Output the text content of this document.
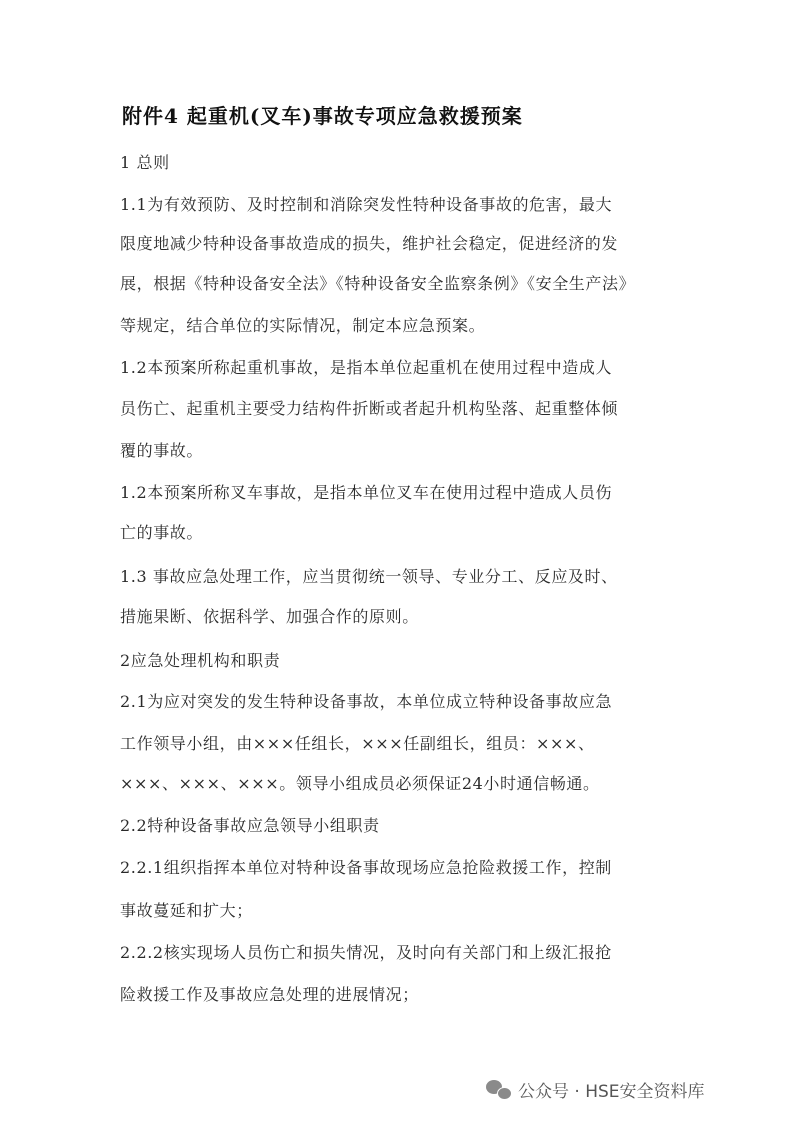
附件4 起重机(叉车)事故专项应急救援预案
1 总则
1.1为有效预防、及时控制和消除突发性特种设备事故的危害，最大
限度地减少特种设备事故造成的损失，维护社会稳定，促进经济的发
展，根据《特种设备安全法》《特种设备安全监察条例》《安全生产法》
等规定，结合单位的实际情况，制定本应急预案。
1.2本预案所称起重机事故，是指本单位起重机在使用过程中造成人
员伤亡、起重机主要受力结构件折断或者起升机构坠落、起重整体倾
覆的事故。
1.2本预案所称叉车事故，是指本单位叉车在使用过程中造成人员伤
亡的事故。
1.3 事故应急处理工作，应当贯彻统一领导、专业分工、反应及时、
措施果断、依据科学、加强合作的原则。
2应急处理机构和职责
2.1为应对突发的发生特种设备事故，本单位成立特种设备事故应急
工作领导小组，由×××任组长，×××任副组长，组员：×××、
×××、×××、×××。领导小组成员必须保证24小时通信畅通。
2.2特种设备事故应急领导小组职责
2.2.1组织指挥本单位对特种设备事故现场应急抢险救援工作，控制
事故蔓延和扩大；
2.2.2核实现场人员伤亡和损失情况，及时向有关部门和上级汇报抢
险救援工作及事故应急处理的进展情况；
公众号 · HSE安全资料库
